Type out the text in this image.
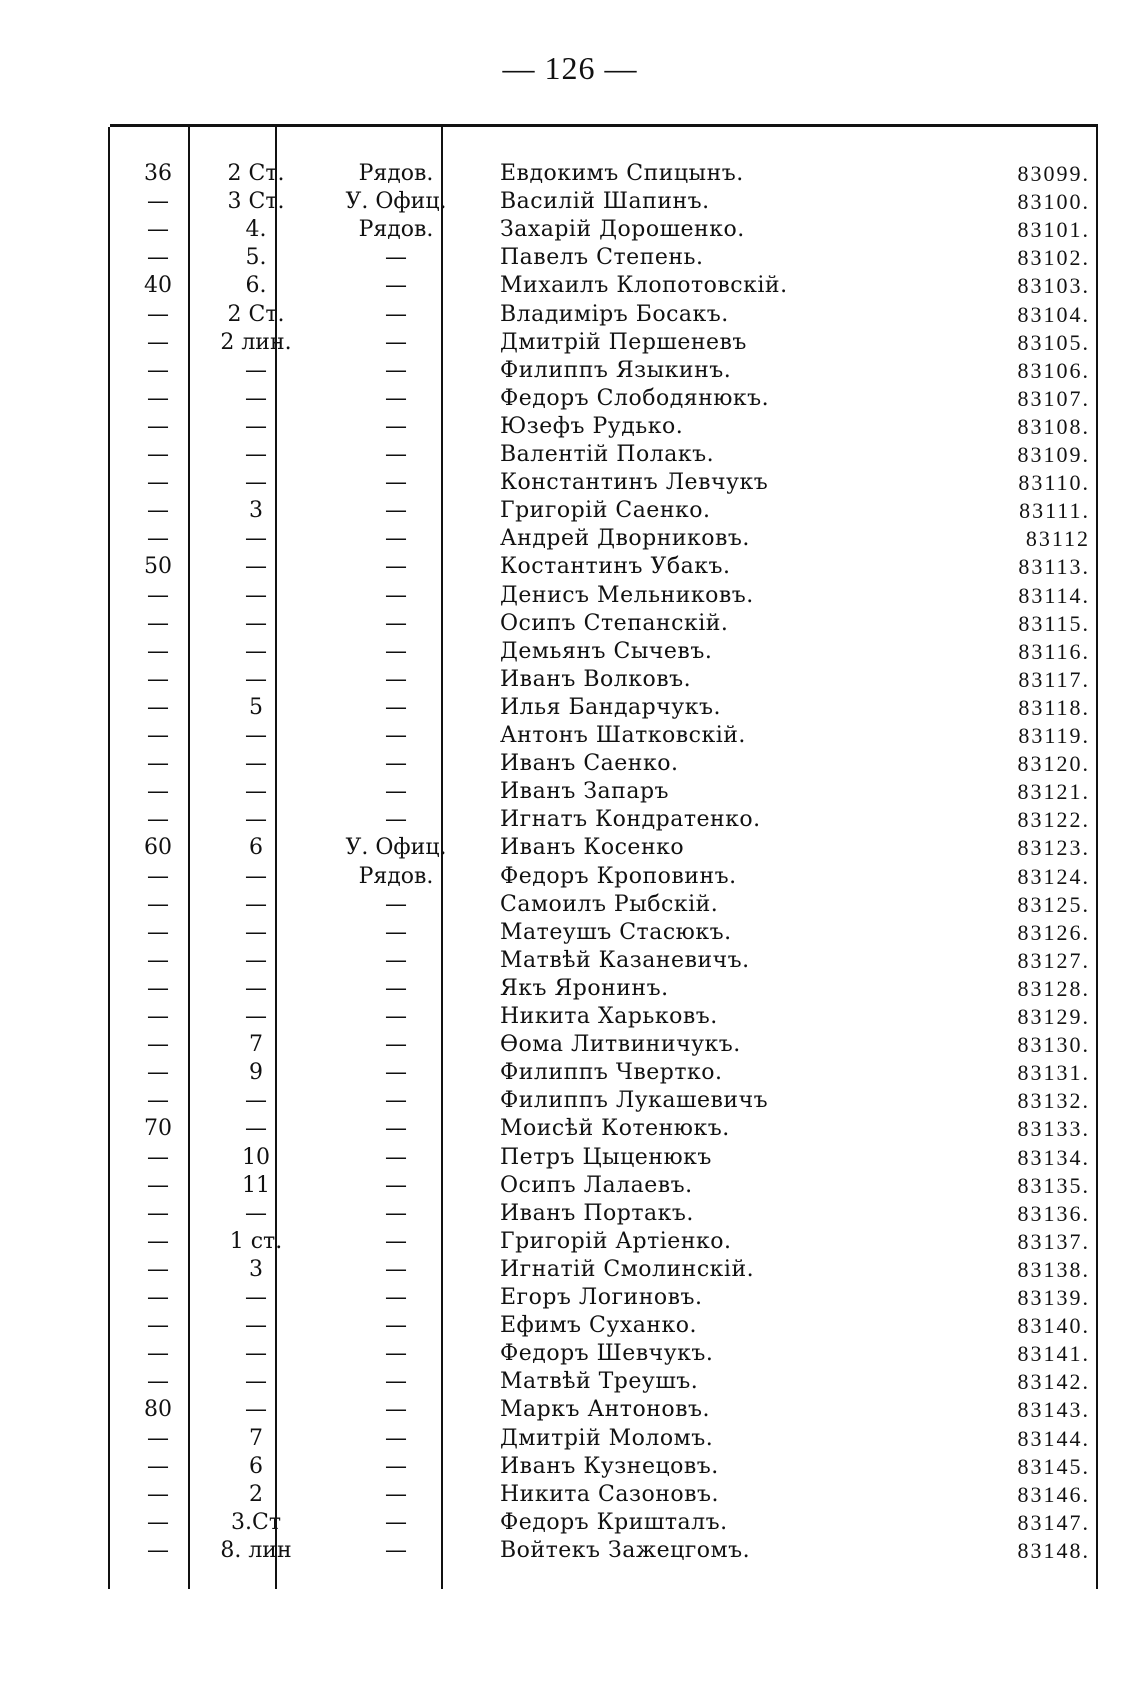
— 126 —
36	2 Ст.	Рядов.	Евдокимъ Спицынъ.	83099.
—	3 Ст.	У. Офиц.	Василій Шапинъ.	83100.
—	4.	Рядов.	Захарій Дорошенко.	83101.
—	5.	—	Павелъ Степень.	83102.
40	6.	—	Михаилъ Клопотовскій.	83103.
—	2 Ст.	—	Владиміръ Босакъ.	83104.
—	2 лин.	—	Дмитрій Першеневъ	83105.
—	—	—	Филиппъ Языкинъ.	83106.
—	—	—	Федоръ Слободянюкъ.	83107.
—	—	—	Юзефъ Рудько.	83108.
—	—	—	Валентій Полакъ.	83109.
—	—	—	Константинъ Левчукъ	83110.
—	3	—	Григорій Саенко.	83111.
—	—	—	Андрей Дворниковъ.	83112
50	—	—	Костантинъ Убакъ.	83113.
—	—	—	Денисъ Мельниковъ.	83114.
—	—	—	Осипъ Степанскій.	83115.
—	—	—	Демьянъ Сычевъ.	83116.
—	—	—	Иванъ Волковъ.	83117.
—	5	—	Илья Бандарчукъ.	83118.
—	—	—	Антонъ Шатковскій.	83119.
—	—	—	Иванъ Саенко.	83120.
—	—	—	Иванъ Запаръ	83121.
—	—	—	Игнатъ Кондратенко.	83122.
60	6	У. Офиц.	Иванъ Косенко	83123.
—	—	Рядов.	Федоръ Кроповинъ.	83124.
—	—	—	Самоилъ Рыбскій.	83125.
—	—	—	Матеушъ Стасюкъ.	83126.
—	—	—	Матвѣй Казаневичъ.	83127.
—	—	—	Якъ Яронинъ.	83128.
—	—	—	Никита Харьковъ.	83129.
—	7	—	Ѳома Литвиничукъ.	83130.
—	9	—	Филиппъ Чвертко.	83131.
—	—	—	Филиппъ Лукашевичъ	83132.
70	—	—	Моисѣй Котенюкъ.	83133.
—	10	—	Петръ Цыценюкъ	83134.
—	11	—	Осипъ Лалаевъ.	83135.
—	—	—	Иванъ Портакъ.	83136.
—	1 ст.	—	Григорій Артіенко.	83137.
—	3	—	Игнатій Смолинскій.	83138.
—	—	—	Егоръ Логиновъ.	83139.
—	—	—	Ефимъ Суханко.	83140.
—	—	—	Федоръ Шевчукъ.	83141.
—	—	—	Матвѣй Треушъ.	83142.
80	—	—	Маркъ Антоновъ.	83143.
—	7	—	Дмитрій Моломъ.	83144.
—	6	—	Иванъ Кузнецовъ.	83145.
—	2	—	Никита Сазоновъ.	83146.
—	3.Ст	—	Федоръ Кришталъ.	83147.
—	8. лин	—	Войтекъ Зажецгомъ.	83148.
